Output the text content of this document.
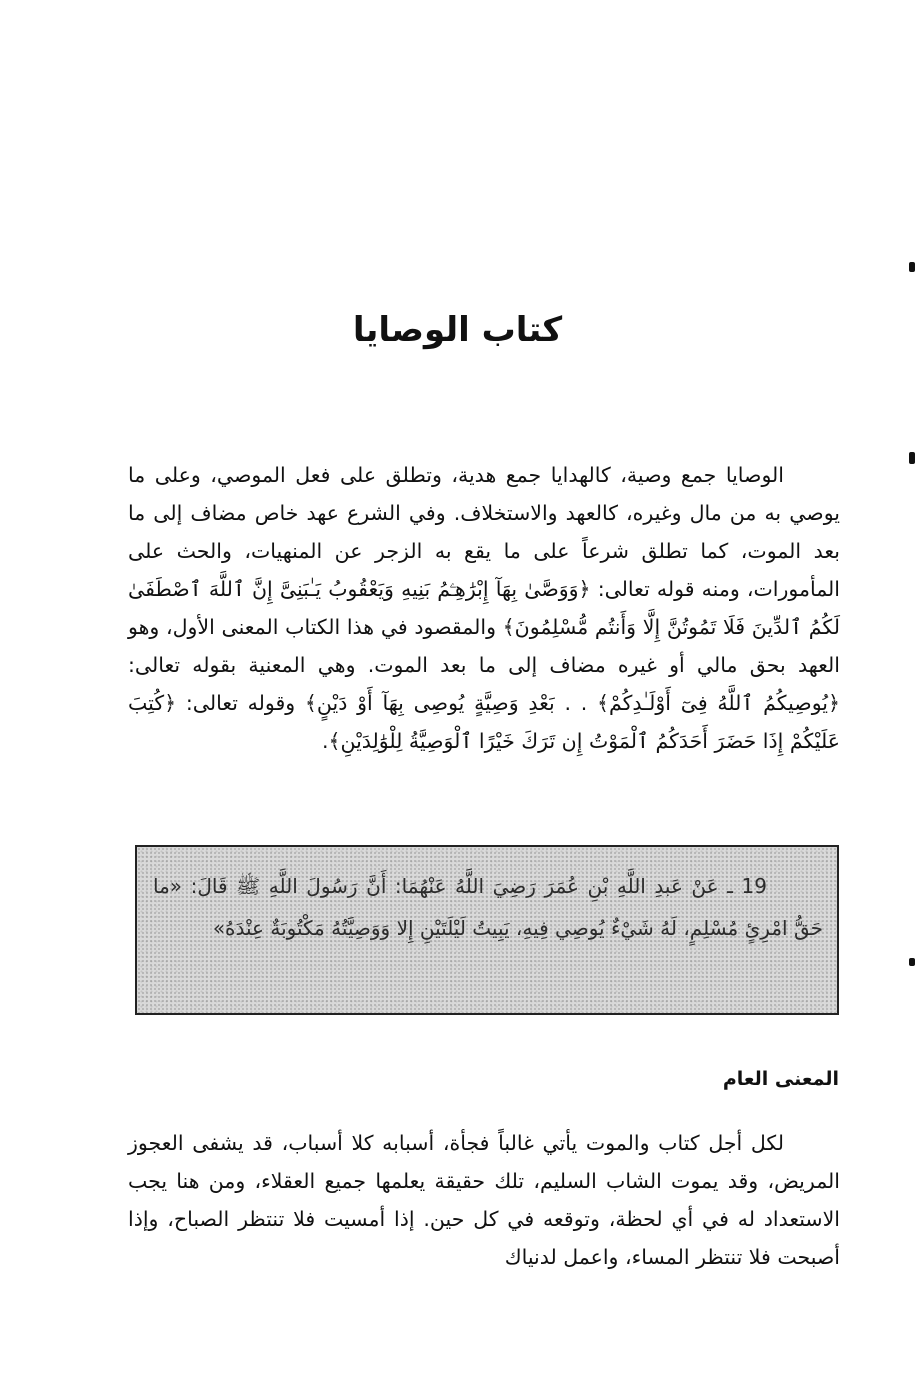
كتاب الوصايا

الوصايا جمع وصية، كالهدايا جمع هدية، وتطلق على فعل الموصي، وعلى ما يوصي به من مال وغيره، كالعهد والاستخلاف. وفي الشرع عهد خاص مضاف إلى ما بعد الموت، كما تطلق شرعاً على ما يقع به الزجر عن المنهيات، والحث على المأمورات، ومنه قوله تعالى: ﴿وَوَصَّىٰ بِهَآ إِبْرَٰهِـۧمُ بَنِيهِ وَيَعْقُوبُ يَـٰبَنِىَّ إِنَّ ٱللَّهَ ٱصْطَفَىٰ لَكُمُ ٱلدِّينَ فَلَا تَمُوتُنَّ إِلَّا وَأَنتُم مُّسْلِمُونَ﴾ والمقصود في هذا الكتاب المعنى الأول، وهو العهد بحق مالي أو غيره مضاف إلى ما بعد الموت. وهي المعنية بقوله تعالى: ﴿يُوصِيكُمُ ٱللَّهُ فِىٓ أَوْلَـٰدِكُمْ﴾ . . بَعْدِ وَصِيَّةٍ يُوصِى بِهَآ أَوْ دَيْنٍ﴾ وقوله تعالى: ﴿كُتِبَ عَلَيْكُمْ إِذَا حَضَرَ أَحَدَكُمُ ٱلْمَوْتُ إِن تَرَكَ خَيْرًا ٱلْوَصِيَّةُ لِلْوَٰلِدَيْنِ﴾.

19 ـ عَنْ عَبدِ اللَّهِ بْنِ عُمَرَ رَضِيَ اللَّهُ عَنْهُمَا: أَنَّ رَسُولَ اللَّهِ ﷺ قَالَ: «ما حَقُّ امْرِئٍ مُسْلِمٍ، لَهُ شَيْءٌ يُوصِي فِيهِ، يَبِيتُ لَيْلَتَيْنِ إِلا وَوَصِيَّتُهُ مَكْتُوبَةٌ عِنْدَهُ»

المعنى العام

لكل أجل كتاب والموت يأتي غالباً فجأة، أسبابه كلا أسباب، قد يشفى العجوز المريض، وقد يموت الشاب السليم، تلك حقيقة يعلمها جميع العقلاء، ومن هنا يجب الاستعداد له في أي لحظة، وتوقعه في كل حين. إذا أمسيت فلا تنتظر الصباح، وإذا أصبحت فلا تنتظر المساء، واعمل لدنياك
